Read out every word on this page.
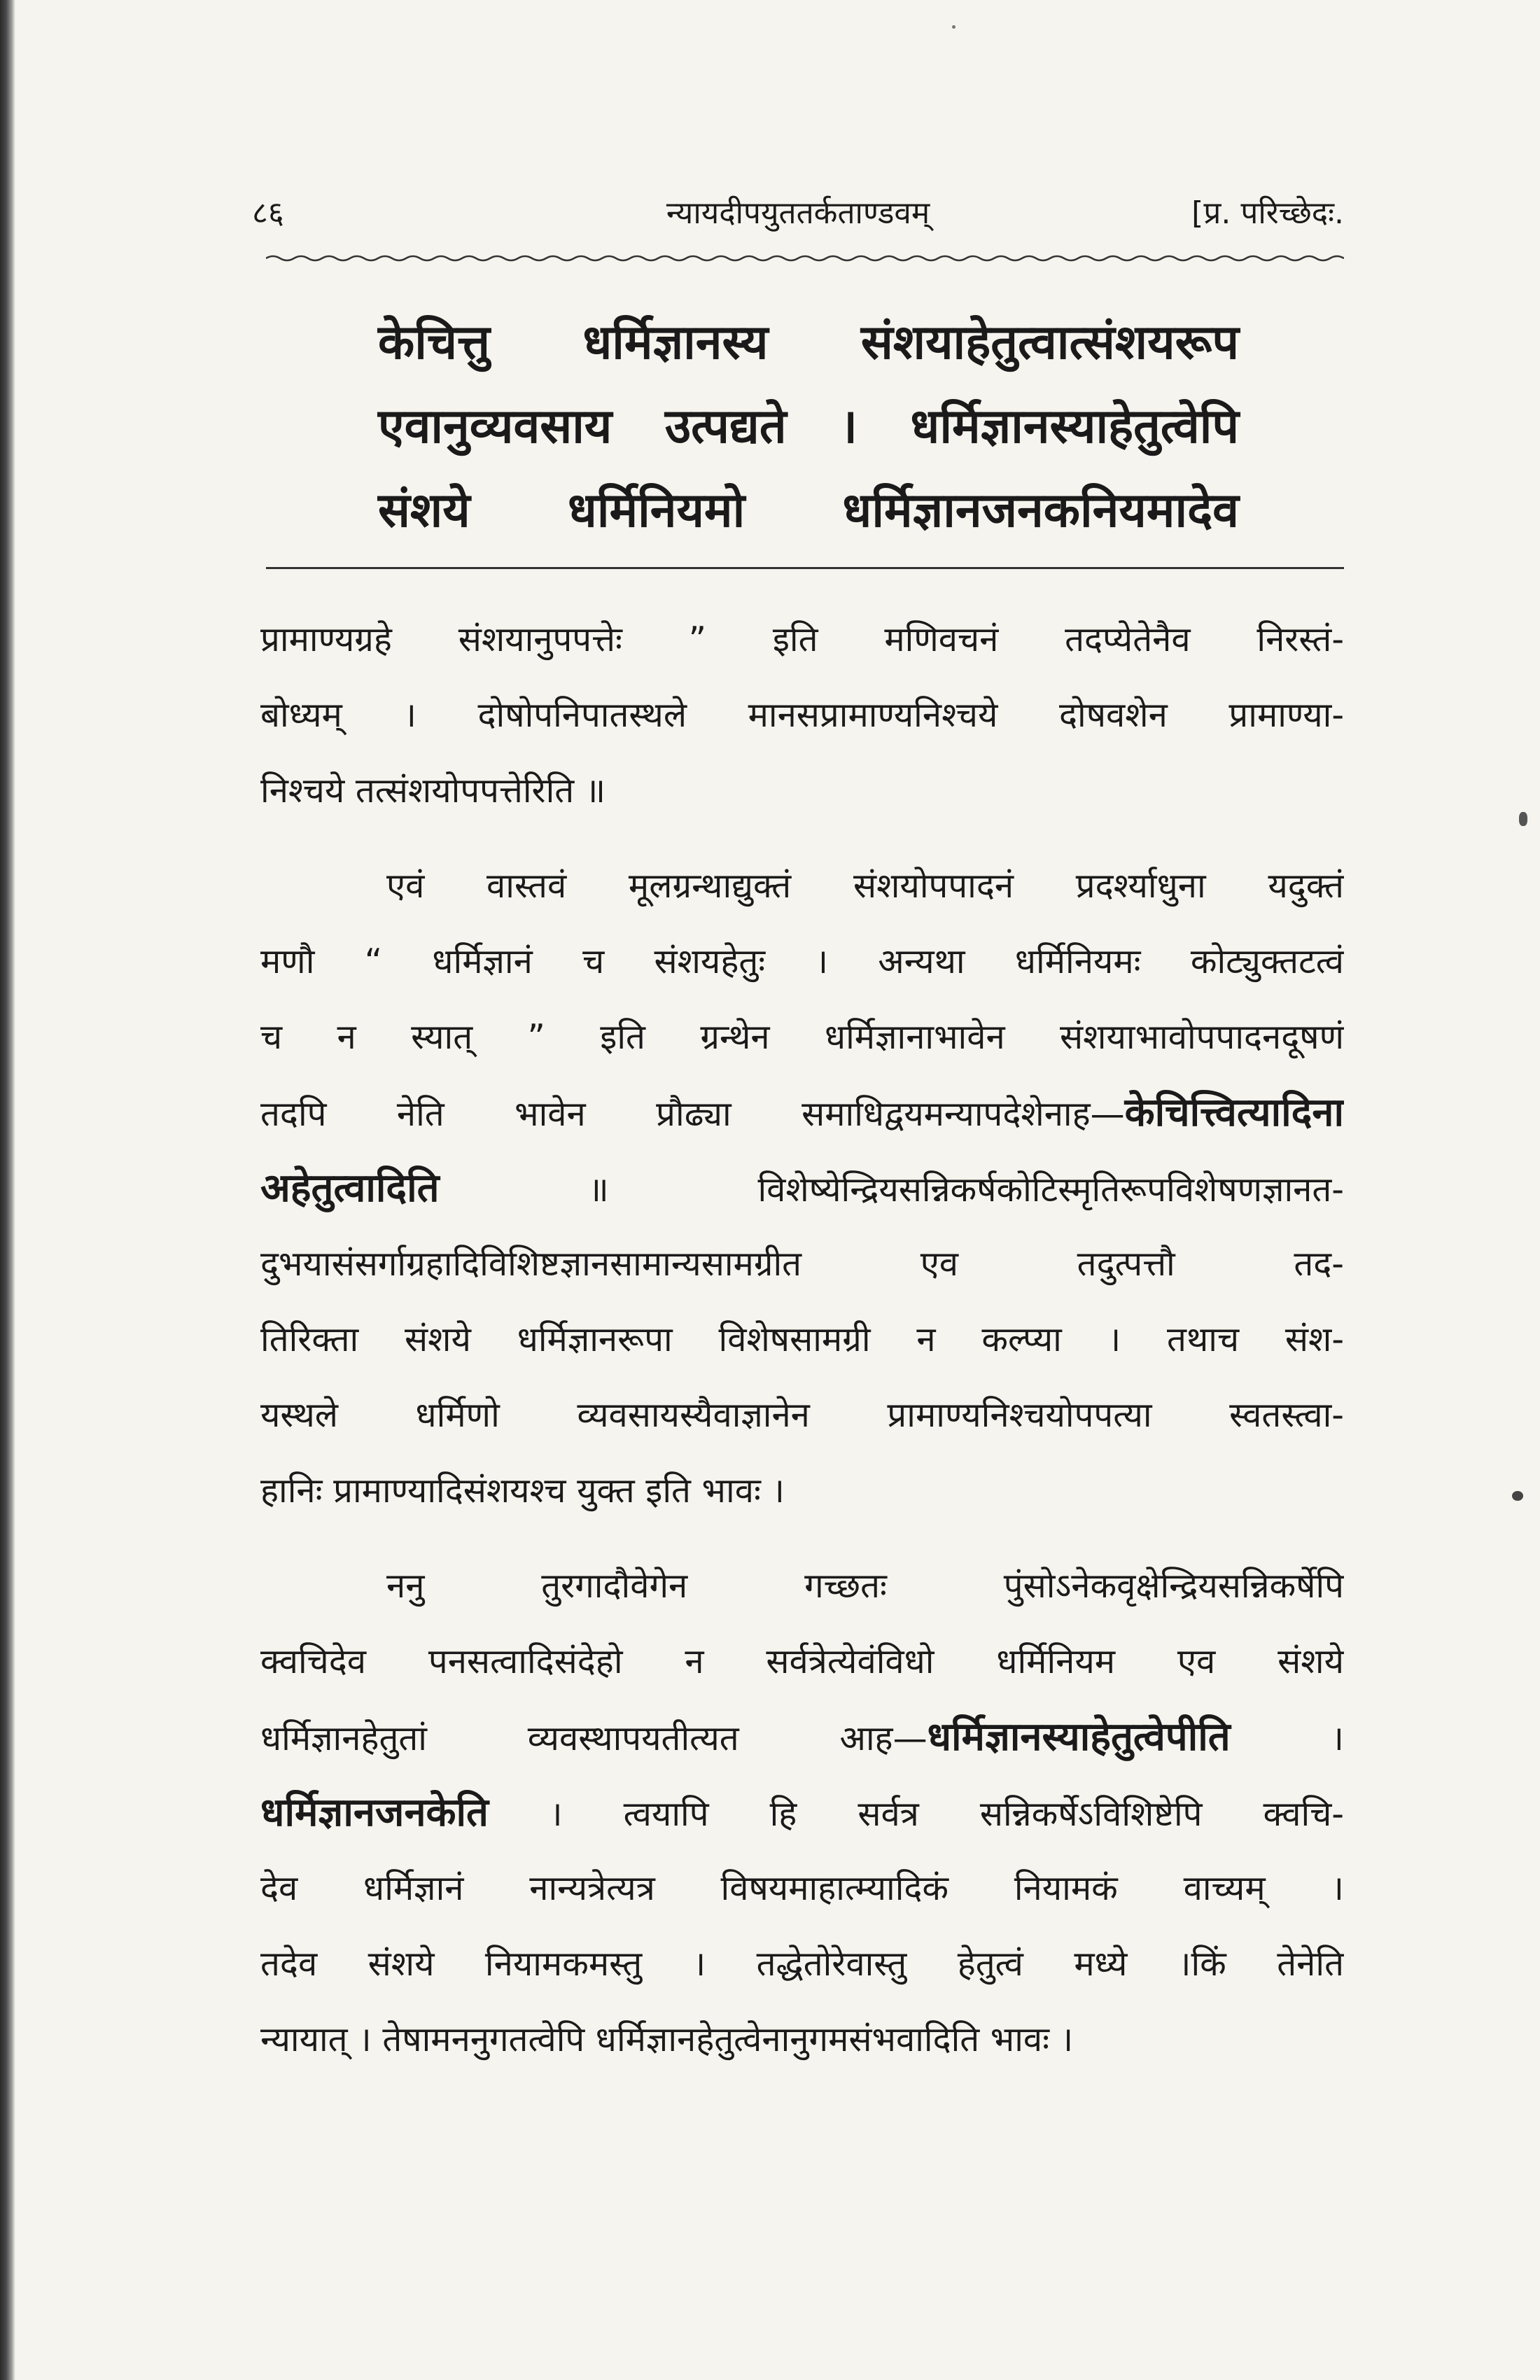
८६	न्यायदीपयुततर्कताण्डवम्	[प्र. परिच्छेदः.
केचित्तु धर्मिज्ञानस्य संशयाहेतुत्वात्संशयरूप
एवानुव्यवसाय उत्पद्यते । धर्मिज्ञानस्याहेतुत्वेपि
संशये धर्मिनियमो धर्मिज्ञानजनकनियमादेव
प्रामाण्यग्रहे संशयानुपपत्तेः ” इति मणिवचनं तदप्येतेनैव निरस्तं-
बोध्यम् । दोषोपनिपातस्थले मानसप्रामाण्यनिश्चये दोषवशेन प्रामाण्या-
निश्चये तत्संशयोपपत्तेरिति ॥
एवं वास्तवं मूलग्रन्थाद्युक्तं संशयोपपादनं प्रदर्श्याधुना यदुक्तं
मणौ “ धर्मिज्ञानं च संशयहेतुः । अन्यथा धर्मिनियमः कोट्युक्तटत्वं
च न स्यात् ” इति ग्रन्थेन धर्मिज्ञानाभावेन संशयाभावोपपादनदूषणं
तदपि नेति भावेन प्रौढ्या समाधिद्वयमन्यापदेशेनाह—केचित्त्वित्यादिना
अहेतुत्वादिति ॥ विशेष्येन्द्रियसन्निकर्षकोटिस्मृतिरूपविशेषणज्ञानत-
दुभयासंसर्गाग्रहादिविशिष्टज्ञानसामान्यसामग्रीत एव तदुत्पत्तौ तद-
तिरिक्ता संशये धर्मिज्ञानरूपा विशेषसामग्री न कल्प्या । तथाच संश-
यस्थले धर्मिणो व्यवसायस्यैवाज्ञानेन प्रामाण्यनिश्चयोपपत्या स्वतस्त्वा-
हानिः प्रामाण्यादिसंशयश्च युक्त इति भावः ।
ननु तुरगादौवेगेन गच्छतः पुंसोऽनेकवृक्षेन्द्रियसन्निकर्षेपि
क्वचिदेव पनसत्वादिसंदेहो न सर्वत्रेत्येवंविधो धर्मिनियम एव संशये
धर्मिज्ञानहेतुतां व्यवस्थापयतीत्यत आह—धर्मिज्ञानस्याहेतुत्वेपीति ।
धर्मिज्ञानजनकेति । त्वयापि हि सर्वत्र सन्निकर्षेऽविशिष्टेपि क्वचि-
देव धर्मिज्ञानं नान्यत्रेत्यत्र विषयमाहात्म्यादिकं नियामकं वाच्यम् ।
तदेव संशये नियामकमस्तु । तद्धेतोरेवास्तु हेतुत्वं मध्ये ।किं तेनेति
न्यायात् । तेषामननुगतत्वेपि धर्मिज्ञानहेतुत्वेनानुगमसंभवादिति भावः ।
